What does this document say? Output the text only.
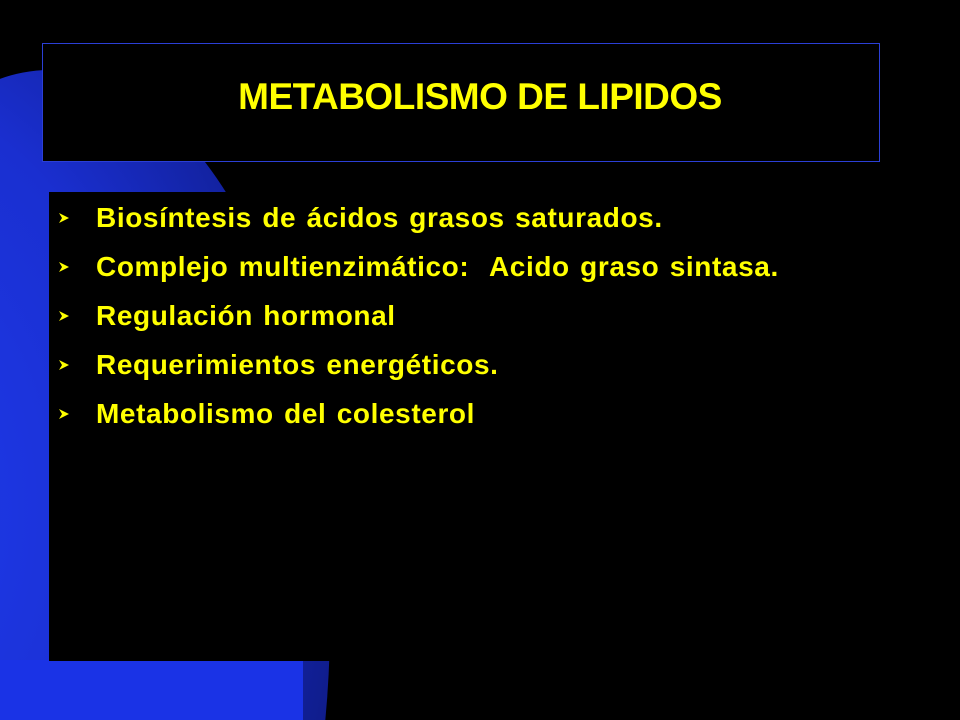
METABOLISMO DE LIPIDOS
Biosíntesis de ácidos grasos saturados.
Complejo multienzimático:  Acido graso sintasa.
Regulación hormonal
Requerimientos energéticos.
Metabolismo del colesterol
